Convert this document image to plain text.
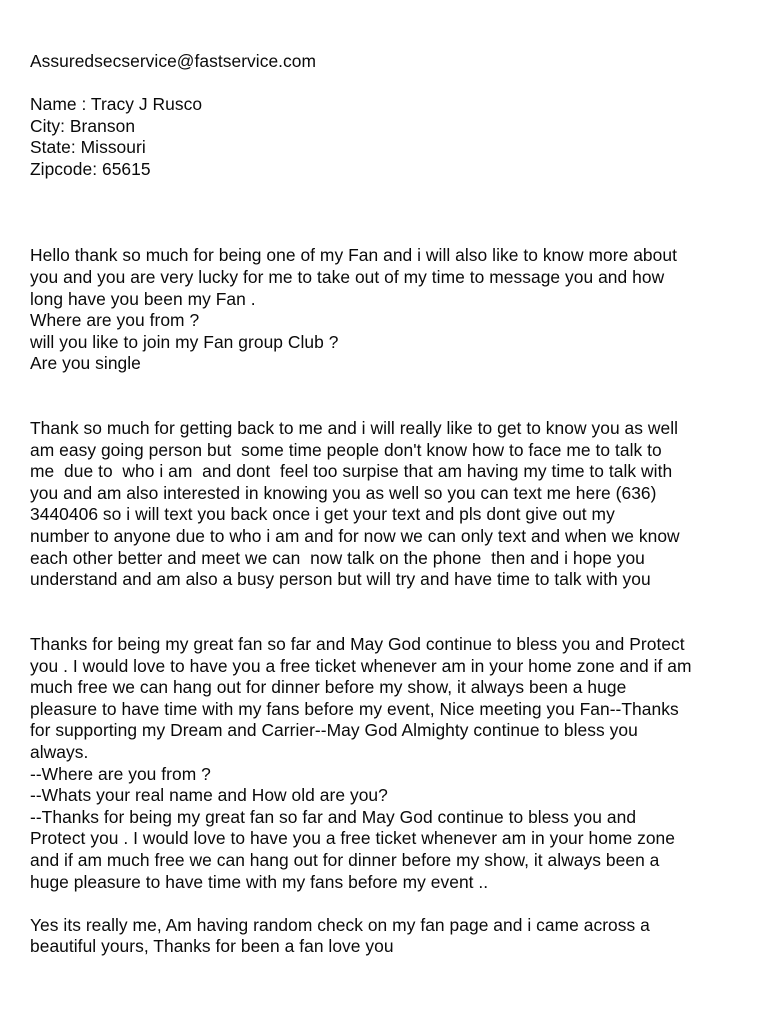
Assuredsecservice@fastservice.com
Name : Tracy J Rusco
City: Branson
State: Missouri
Zipcode: 65615
Hello thank so much for being one of my Fan and i will also like to know more about
you and you are very lucky for me to take out of my time to message you and how
long have you been my Fan .
Where are you from ?
will you like to join my Fan group Club ?
Are you single
Thank so much for getting back to me and i will really like to get to know you as well
am easy going person but  some time people don't know how to face me to talk to
me  due to  who i am  and dont  feel too surpise that am having my time to talk with
you and am also interested in knowing you as well so you can text me here (636)
3440406 so i will text you back once i get your text and pls dont give out my
number to anyone due to who i am and for now we can only text and when we know
each other better and meet we can  now talk on the phone  then and i hope you
understand and am also a busy person but will try and have time to talk with you
Thanks for being my great fan so far and May God continue to bless you and Protect
you . I would love to have you a free ticket whenever am in your home zone and if am
much free we can hang out for dinner before my show, it always been a huge
pleasure to have time with my fans before my event, Nice meeting you Fan--Thanks
for supporting my Dream and Carrier--May God Almighty continue to bless you
always.
--Where are you from ?
--Whats your real name and How old are you?
--Thanks for being my great fan so far and May God continue to bless you and
Protect you . I would love to have you a free ticket whenever am in your home zone
and if am much free we can hang out for dinner before my show, it always been a
huge pleasure to have time with my fans before my event ..
Yes its really me, Am having random check on my fan page and i came across a
beautiful yours, Thanks for been a fan love you
